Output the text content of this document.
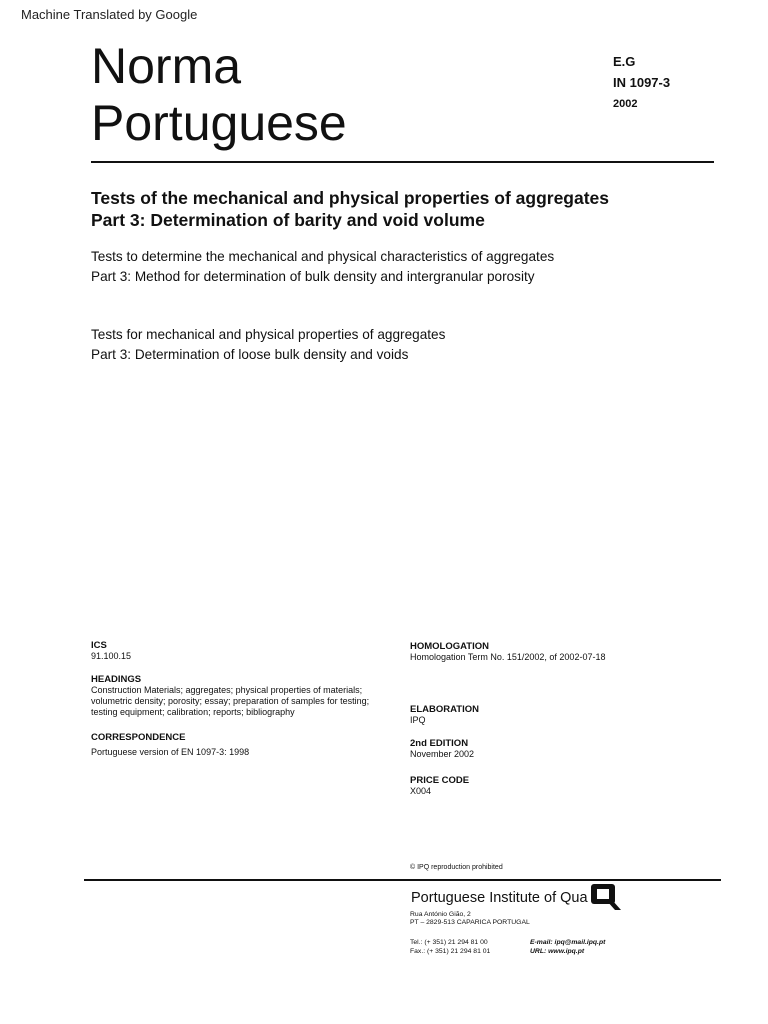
Machine Translated by Google
Norma
Portuguese
E.G
IN 1097-3
2002
Tests of the mechanical and physical properties of aggregates
Part 3: Determination of barity and void volume
Tests to determine the mechanical and physical characteristics of aggregates
Part 3: Method for determination of bulk density and intergranular porosity
Tests for mechanical and physical properties of aggregates
Part 3: Determination of loose bulk density and voids
ICS
91.100.15
HEADINGS
Construction Materials; aggregates; physical properties of materials;
volumetric density; porosity; essay; preparation of samples for testing;
testing equipment; calibration; reports; bibliography
CORRESPONDENCE
Portuguese version of EN 1097-3: 1998
HOMOLOGATION
Homologation Term No. 151/2002, of 2002-07-18
ELABORATION
IPQ
2nd EDITION
November 2002
PRICE CODE
X004
© IPQ reproduction prohibited
Portuguese Institute of Qua
Rua António Gião, 2
PT – 2829-513 CAPARICA PORTUGAL
Tel.: (+ 351) 21 294 81 00	E-mail: ipq@mail.ipq.pt
Fax.: (+ 351) 21 294 81 01	URL: www.ipq.pt
